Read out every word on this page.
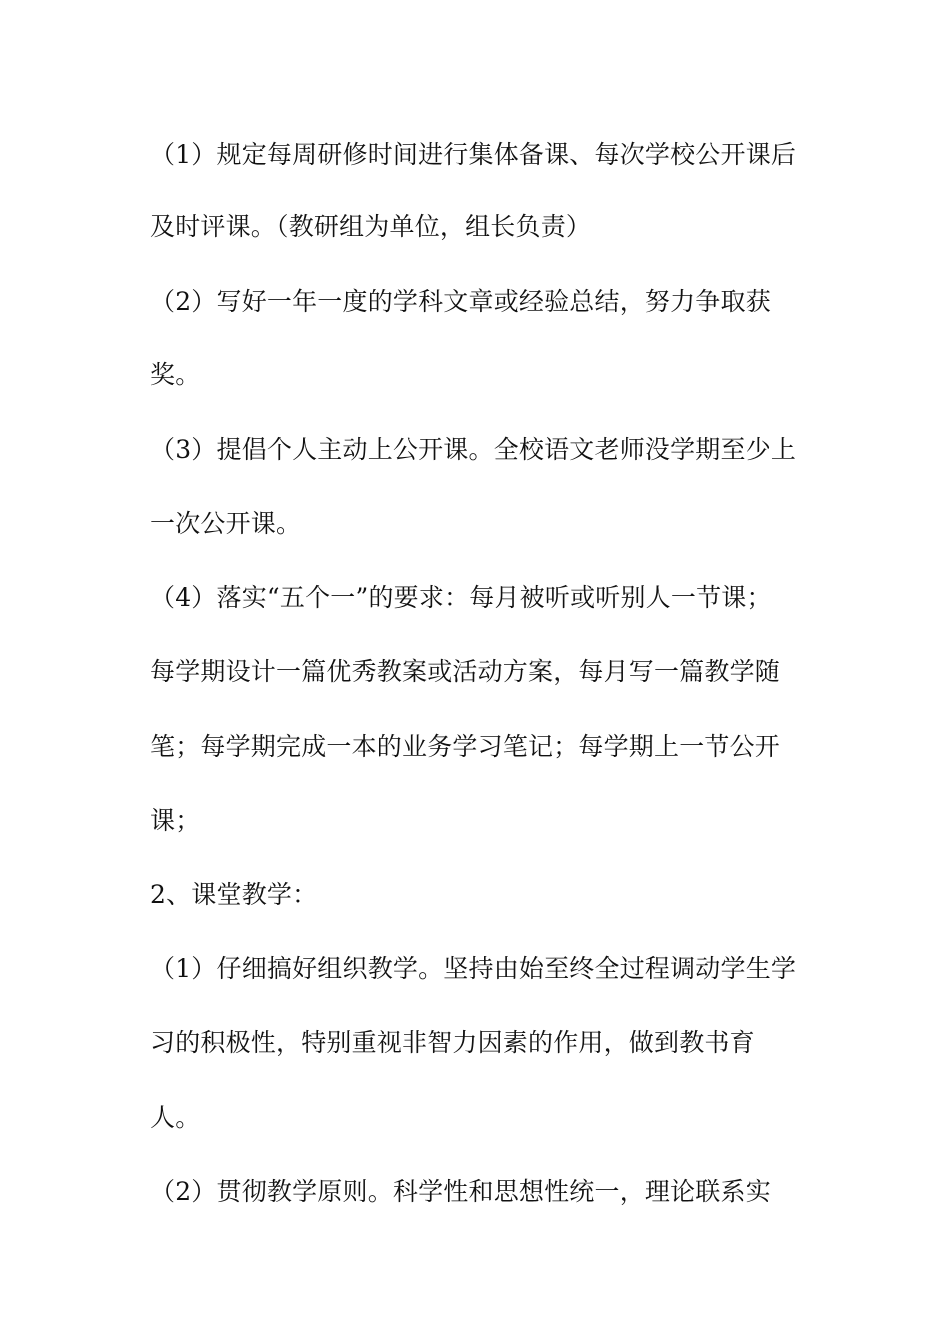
（1）规定每周研修时间进行集体备课、每次学校公开课后
及时评课。（教研组为单位，组长负责）
（2）写好一年一度的学科文章或经验总结，努力争取获
奖。
（3）提倡个人主动上公开课。全校语文老师没学期至少上
一次公开课。
（4）落实“五个一”的要求：每月被听或听别人一节课；
每学期设计一篇优秀教案或活动方案，每月写一篇教学随
笔；每学期完成一本的业务学习笔记；每学期上一节公开
课；
2、课堂教学：
（1）仔细搞好组织教学。坚持由始至终全过程调动学生学
习的积极性，特别重视非智力因素的作用，做到教书育
人。
（2）贯彻教学原则。科学性和思想性统一，理论联系实
